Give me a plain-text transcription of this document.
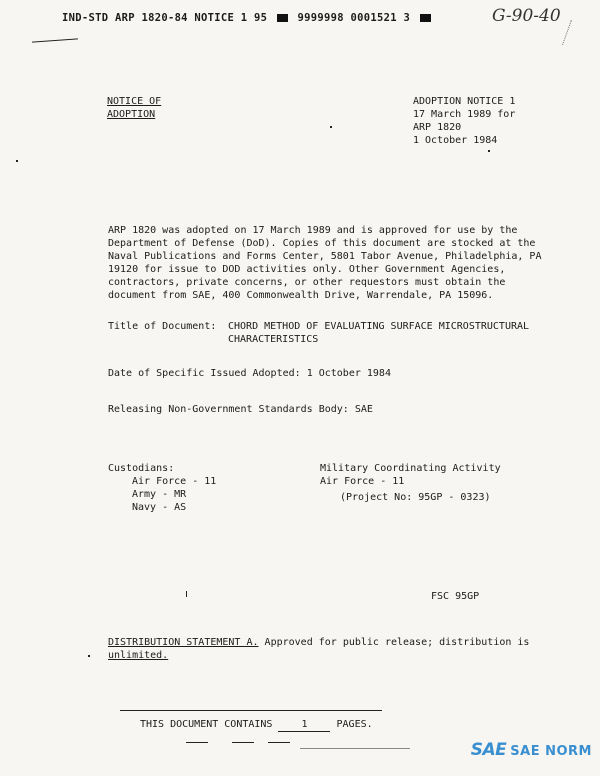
IND-STD ARP 1820-84 NOTICE 1 95	9999998 0001521 3	G-90-40
NOTICE OF
ADOPTION
ADOPTION NOTICE 1
17 March 1989 for
ARP 1820
1 October 1984
ARP 1820 was adopted on 17 March 1989 and is approved for use by the
Department of Defense (DoD). Copies of this document are stocked at the
Naval Publications and Forms Center, 5801 Tabor Avenue, Philadelphia, PA
19120 for issue to DOD activities only. Other Government Agencies,
contractors, private concerns, or other requestors must obtain the
document from SAE, 400 Commonwealth Drive, Warrendale, PA 15096.
Title of Document: CHORD METHOD OF EVALUATING SURFACE MICROSTRUCTURAL
CHARACTERISTICS
Date of Specific Issued Adopted: 1 October 1984
Releasing Non-Government Standards Body: SAE
Custodians:
Air Force - 11
Army - MR
Navy - AS
Military Coordinating Activity
Air Force - 11
(Project No: 95GP - 0323)
FSC 95GP
DISTRIBUTION STATEMENT A. Approved for public release; distribution is
unlimited.
THIS DOCUMENT CONTAINS	1	PAGES.
SAE SAE NORM
